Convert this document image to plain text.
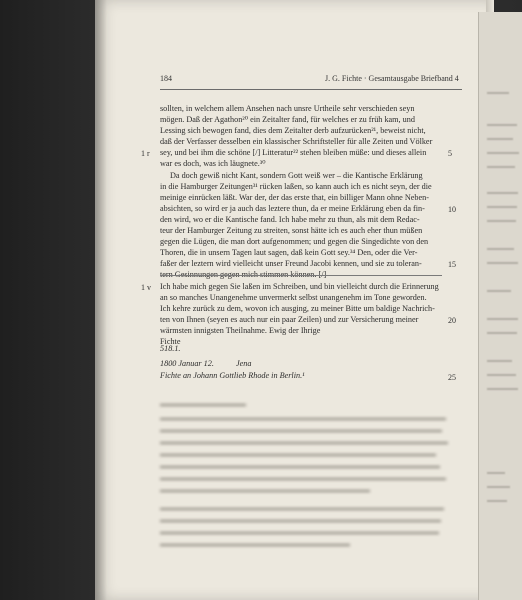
184	J. G. Fichte · Gesamtausgabe Briefband 4
sollten, in welchem allem Ansehen nach unsre Urtheile sehr verschieden seyn
mögen. Daß der Agathon²⁰ ein Zeitalter fand, für welches er zu früh kam, und
Lessing sich bewogen fand, dies dem Zeitalter derb aufzurücken²¹, beweist nicht,
daß der Verfasser desselben ein klassischer Schriftsteller für alle Zeiten und Völker
1 r sey, und bei ihm die schöne [/] Litteratur²² stehen bleiben müße: und dieses allein	5
war es doch, was ich läugnete.³⁰
Da doch gewiß nicht Kant, sondern Gott weiß wer – die Kantische Erklärung
in die Hamburger Zeitungen³¹ rücken laßen, so kann auch ich es nicht seyn, der die
meinige einrücken läßt. War der, der das erste that, ein billiger Mann ohne Neben-
absichten, so wird er ja auch das leztere thun, da er meine Erklärung eben da fin-	10
den wird, wo er die Kantische fand. Ich habe mehr zu thun, als mit dem Redac-
teur der Hamburger Zeitung zu streiten, sonst hätte ich es auch eher thun müßen
gegen die Lügen, die man dort aufgenommen; und gegen die Singedichte von den
Thoren, die in unsern Tagen laut sagen, daß kein Gott sey.³⁴ Den, oder die Ver-
faßer der leztern wird vielleicht unser Freund Jacobi kennen, und sie zu toleran-	15
1 v Ich habe mich gegen Sie laßen im Schreiben, und bin vielleicht durch die Erinnerung
an so manches Unangenehme unvermerkt selbst unangenehm im Tone geworden.
Ich kehre zurück zu dem, wovon ich ausging, zu meiner Bitte um baldige Nachrich-
ten von Ihnen (seyen es auch nur ein paar Zeilen) und zur Versicherung meiner	20
wärmsten innigsten Theilnahme. Ewig der Ihrige
Fichte
518.1.
1800 Januar 12.	Jena
Fichte an Johann Gottlieb Rhode in Berlin.¹	25
